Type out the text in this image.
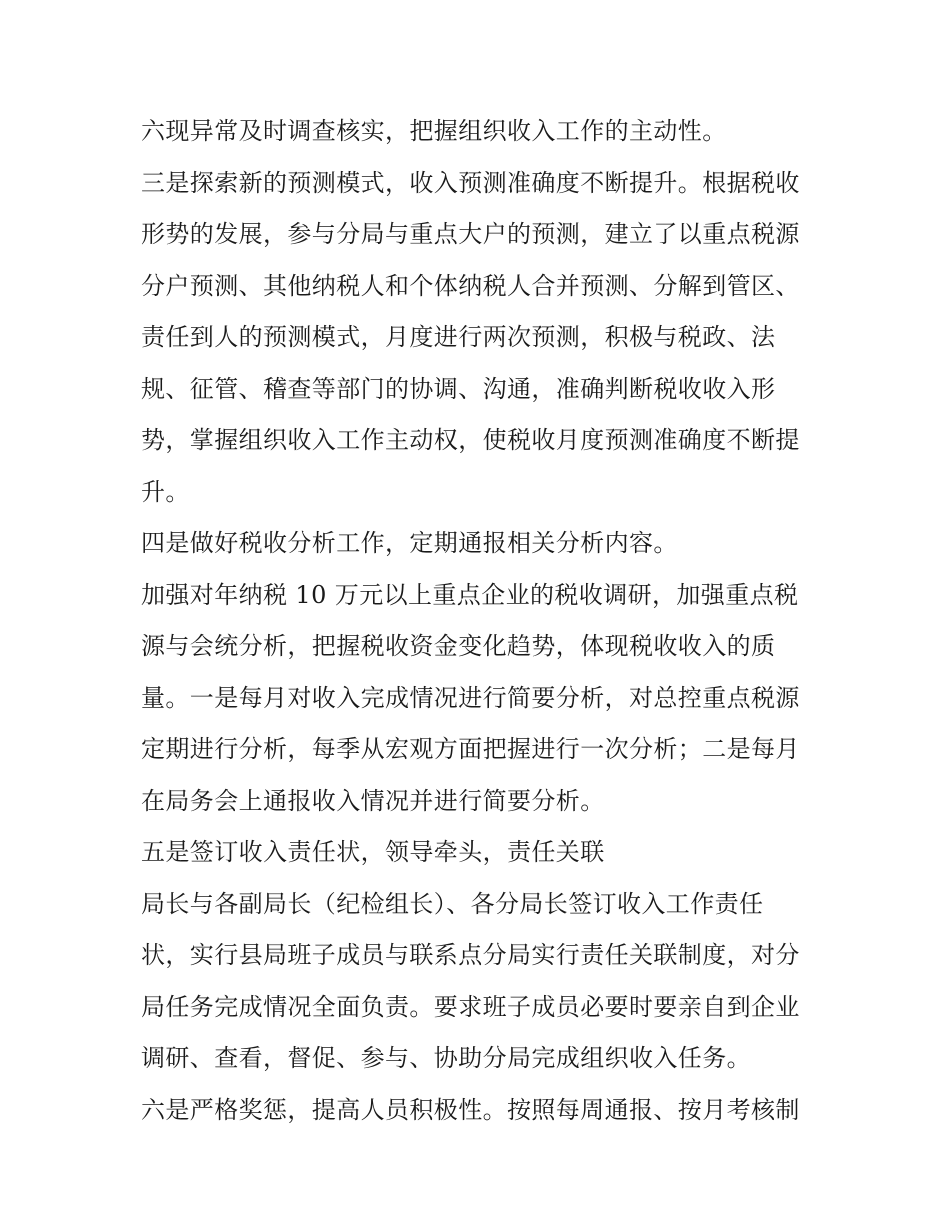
六现异常及时调查核实，把握组织收入工作的主动性。
三是探索新的预测模式，收入预测准确度不断提升。根据税收
形势的发展，参与分局与重点大户的预测，建立了以重点税源
分户预测、其他纳税人和个体纳税人合并预测、分解到管区、
责任到人的预测模式，月度进行两次预测，积极与税政、法
规、征管、稽查等部门的协调、沟通，准确判断税收收入形
势，掌握组织收入工作主动权，使税收月度预测准确度不断提
升。
四是做好税收分析工作，定期通报相关分析内容。
加强对年纳税 10 万元以上重点企业的税收调研，加强重点税
源与会统分析，把握税收资金变化趋势，体现税收收入的质
量。一是每月对收入完成情况进行简要分析，对总控重点税源
定期进行分析，每季从宏观方面把握进行一次分析；二是每月
在局务会上通报收入情况并进行简要分析。
五是签订收入责任状，领导牵头，责任关联
局长与各副局长（纪检组长）、各分局长签订收入工作责任
状，实行县局班子成员与联系点分局实行责任关联制度，对分
局任务完成情况全面负责。要求班子成员必要时要亲自到企业
调研、查看，督促、参与、协助分局完成组织收入任务。
六是严格奖惩，提高人员积极性。按照每周通报、按月考核制
